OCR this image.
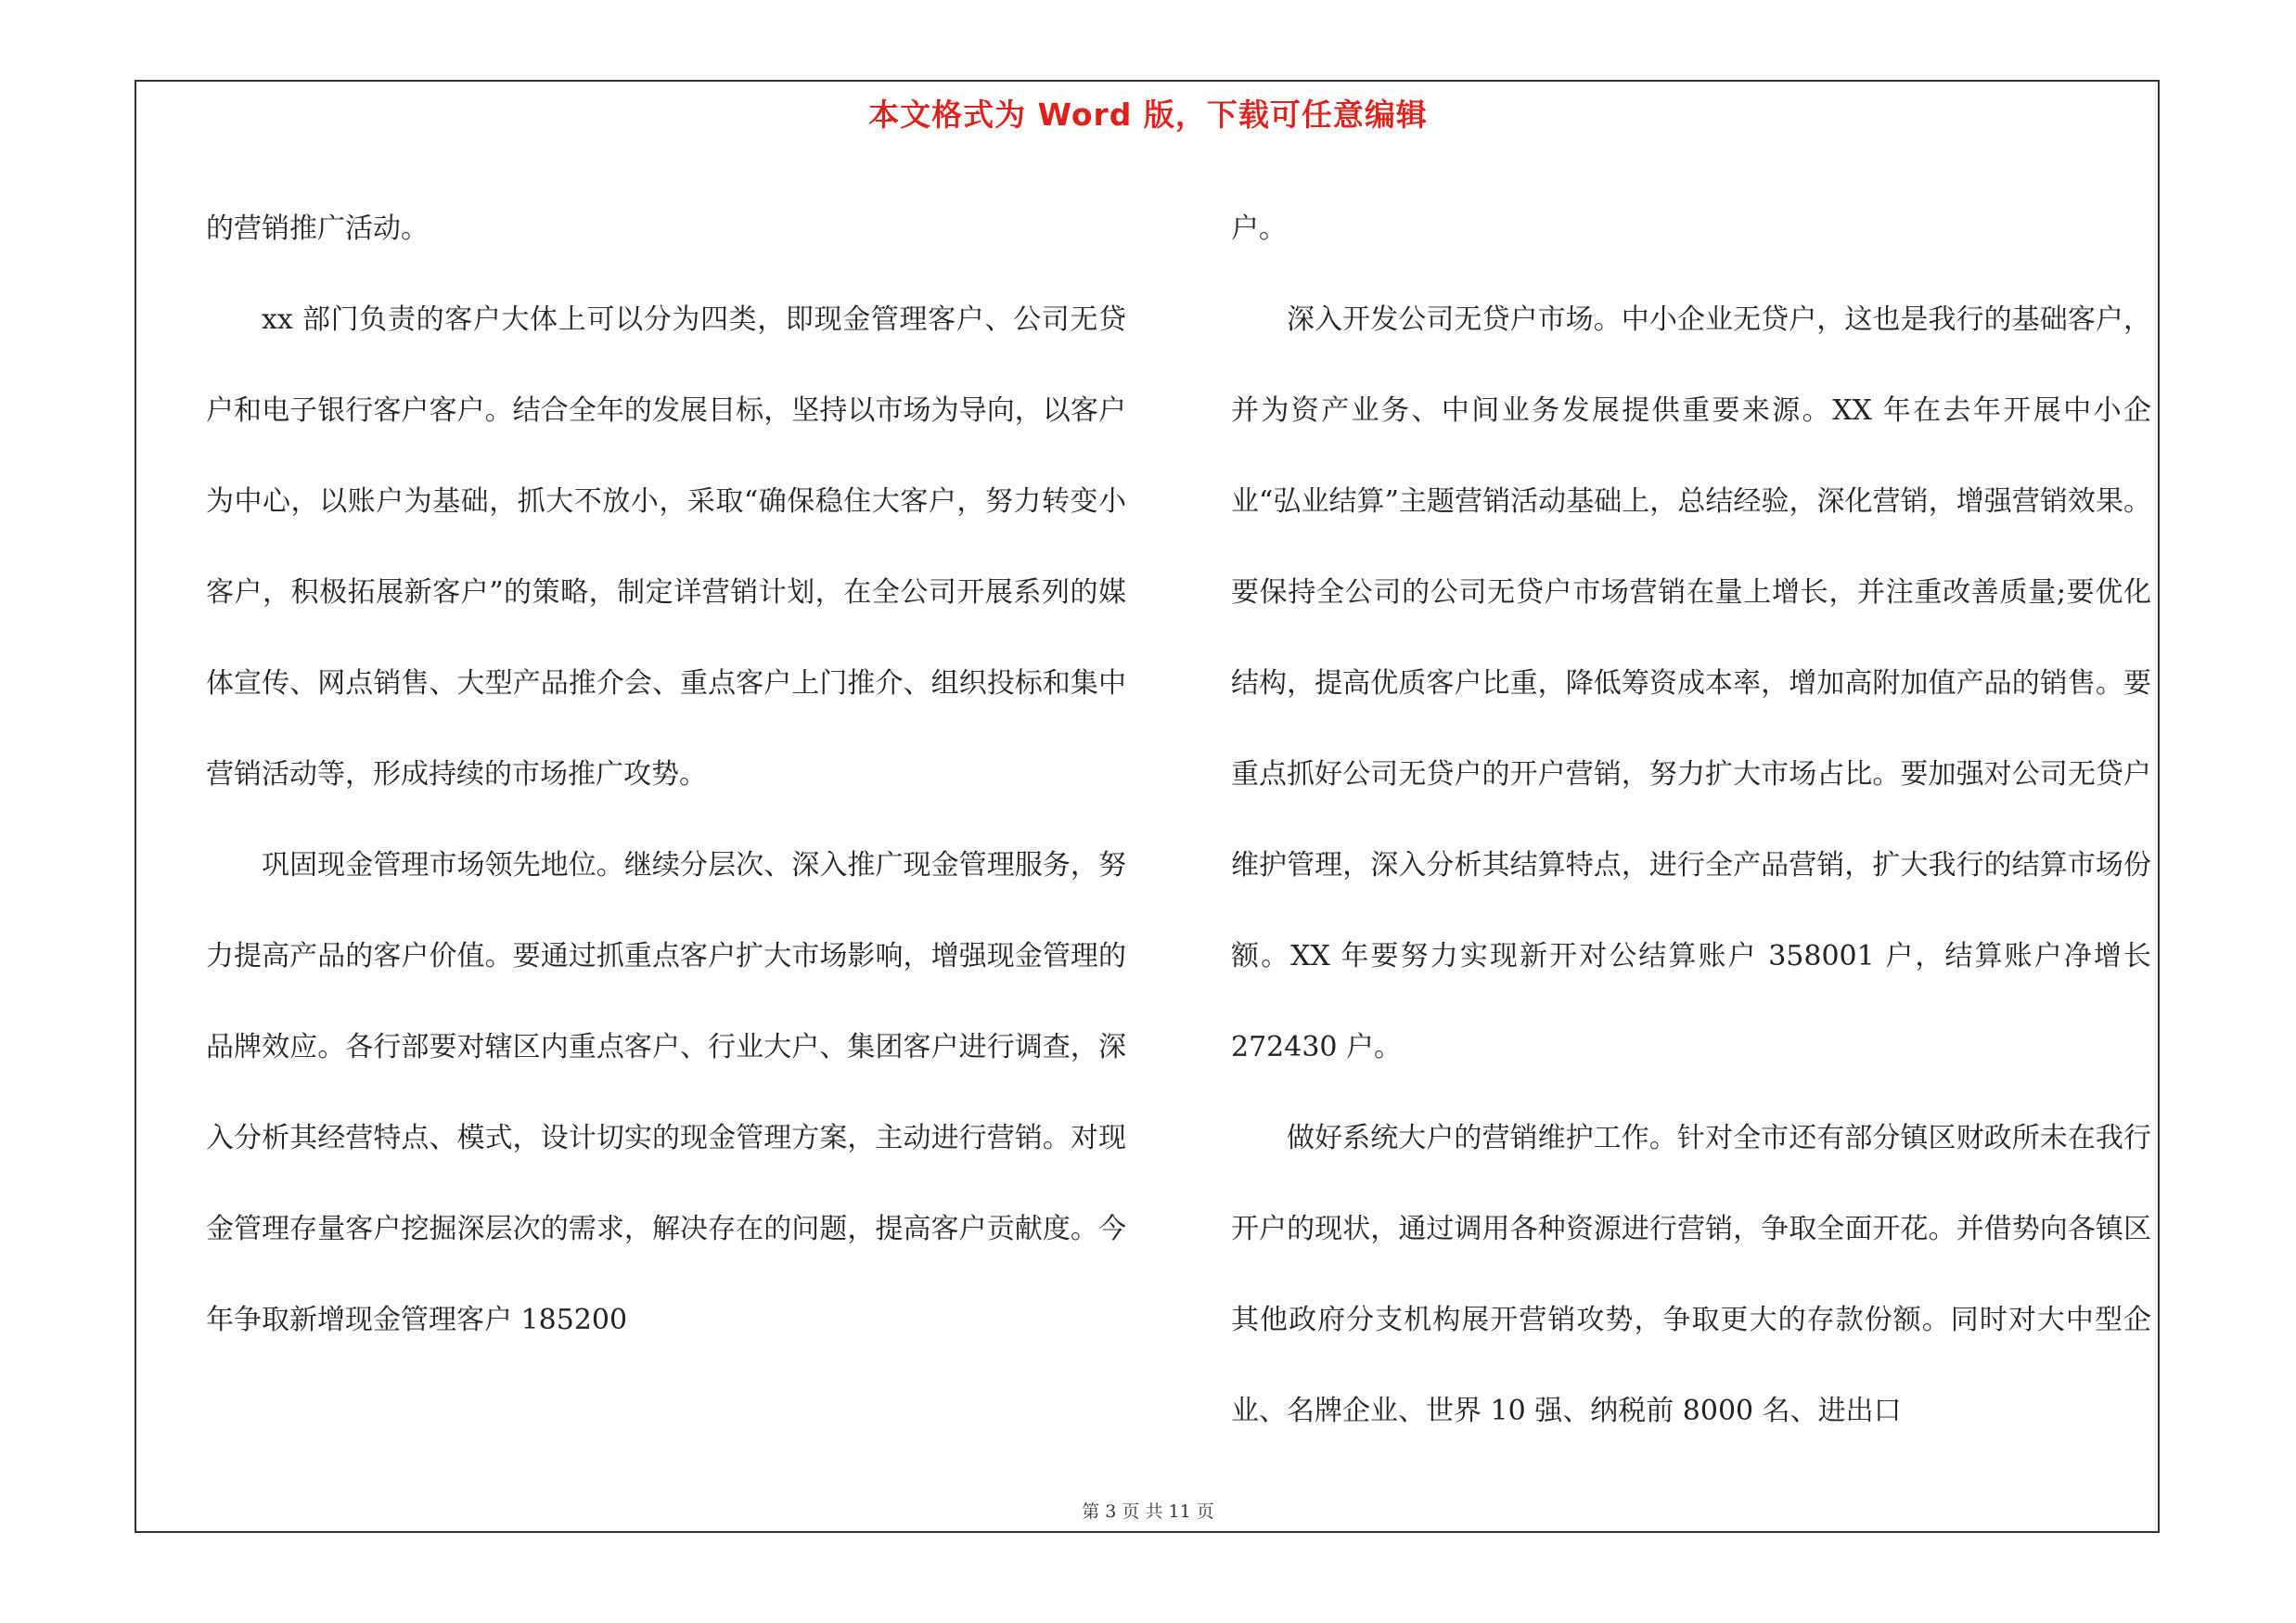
本文格式为 Word 版，下载可任意编辑

的营销推广活动。

xx 部门负责的客户大体上可以分为四类，即现金管理客户、公司无贷户和电子银行客户客户。结合全年的发展目标，坚持以市场为导向，以客户为中心，以账户为基础，抓大不放小，采取“确保稳住大客户，努力转变小客户，积极拓展新客户”的策略，制定详营销计划，在全公司开展系列的媒体宣传、网点销售、大型产品推介会、重点客户上门推介、组织投标和集中营销活动等，形成持续的市场推广攻势。

巩固现金管理市场领先地位。继续分层次、深入推广现金管理服务，努力提高产品的客户价值。要通过抓重点客户扩大市场影响，增强现金管理的品牌效应。各行部要对辖区内重点客户、行业大户、集团客户进行调查，深入分析其经营特点、模式，设计切实的现金管理方案，主动进行营销。对现金管理存量客户挖掘深层次的需求，解决存在的问题，提高客户贡献度。今年争取新增现金管理客户 185200

户。

深入开发公司无贷户市场。中小企业无贷户，这也是我行的基础客户，并为资产业务、中间业务发展提供重要来源。XX 年在去年开展中小企业“弘业结算”主题营销活动基础上，总结经验，深化营销，增强营销效果。要保持全公司的公司无贷户市场营销在量上增长，并注重改善质量;要优化结构，提高优质客户比重，降低筹资成本率，增加高附加值产品的销售。要重点抓好公司无贷户的开户营销，努力扩大市场占比。要加强对公司无贷户维护管理，深入分析其结算特点，进行全产品营销，扩大我行的结算市场份额。XX 年要努力实现新开对公结算账户 358001 户，结算账户净增长 272430 户。

做好系统大户的营销维护工作。针对全市还有部分镇区财政所未在我行开户的现状，通过调用各种资源进行营销，争取全面开花。并借势向各镇区其他政府分支机构展开营销攻势，争取更大的存款份额。同时对大中型企业、名牌企业、世界 10 强、纳税前 8000 名、进出口

第 3 页 共 11 页
